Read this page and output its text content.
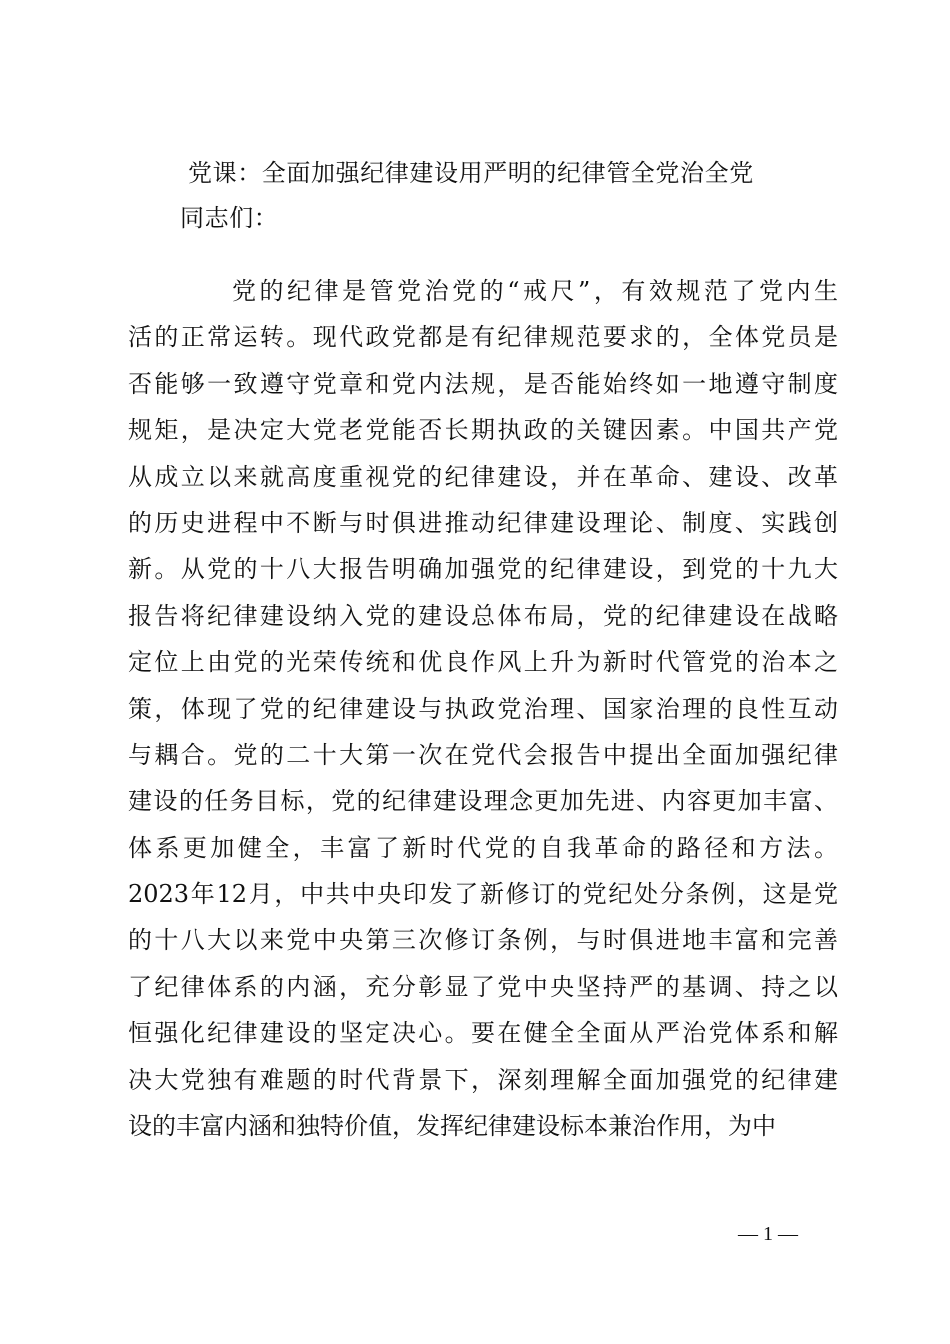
党课：全面加强纪律建设用严明的纪律管全党治全党
同志们：
党的纪律是管党治党的“戒尺”，有效规范了党内生
活的正常运转。现代政党都是有纪律规范要求的，全体党员是
否能够一致遵守党章和党内法规，是否能始终如一地遵守制度
规矩，是决定大党老党能否长期执政的关键因素。中国共产党
从成立以来就高度重视党的纪律建设，并在革命、建设、改革
的历史进程中不断与时俱进推动纪律建设理论、制度、实践创
新。从党的十八大报告明确加强党的纪律建设，到党的十九大
报告将纪律建设纳入党的建设总体布局，党的纪律建设在战略
定位上由党的光荣传统和优良作风上升为新时代管党的治本之
策，体现了党的纪律建设与执政党治理、国家治理的良性互动
与耦合。党的二十大第一次在党代会报告中提出全面加强纪律
建设的任务目标，党的纪律建设理念更加先进、内容更加丰富、
体系更加健全，丰富了新时代党的自我革命的路径和方法。
2023年12月，中共中央印发了新修订的党纪处分条例，这是党
的十八大以来党中央第三次修订条例，与时俱进地丰富和完善
了纪律体系的内涵，充分彰显了党中央坚持严的基调、持之以
恒强化纪律建设的坚定决心。要在健全全面从严治党体系和解
决大党独有难题的时代背景下，深刻理解全面加强党的纪律建
设的丰富内涵和独特价值，发挥纪律建设标本兼治作用，为中
— 1 —
